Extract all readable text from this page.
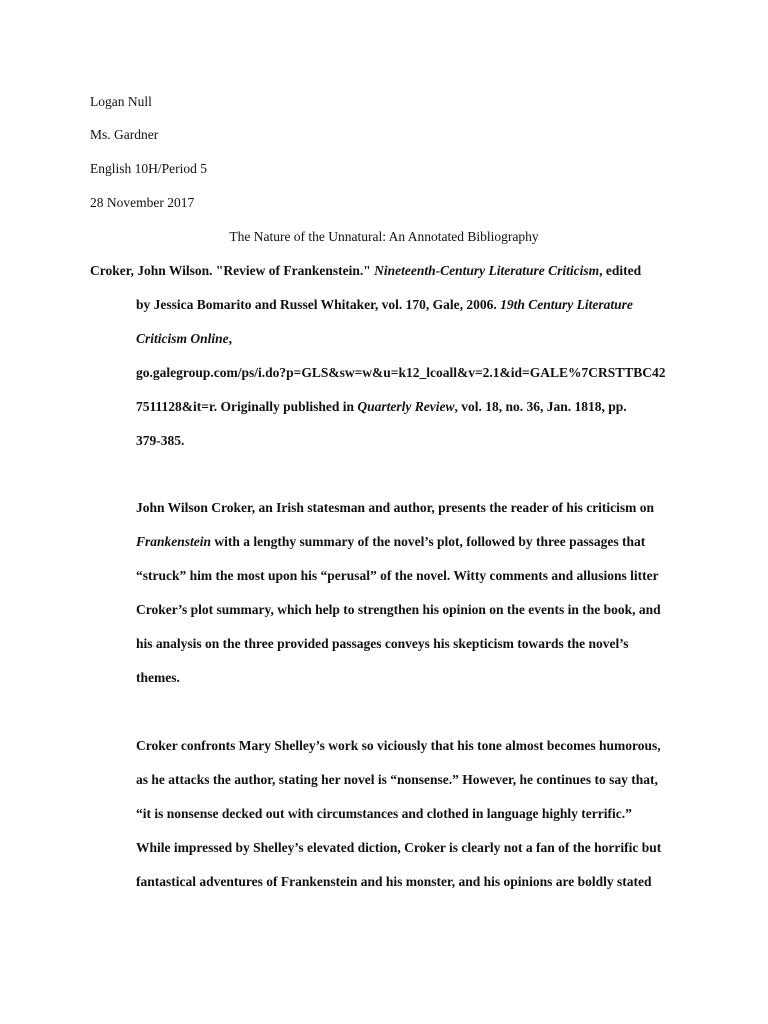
Logan Null
Ms. Gardner
English 10H/Period 5
28 November 2017
The Nature of the Unnatural: An Annotated Bibliography
Croker, John Wilson. "Review of Frankenstein." Nineteenth-Century Literature Criticism, edited
by Jessica Bomarito and Russel Whitaker, vol. 170, Gale, 2006. 19th Century Literature
Criticism Online,
go.galegroup.com/ps/i.do?p=GLS&sw=w&u=k12_lcoall&v=2.1&id=GALE%7CRSTTBC42
7511128&it=r. Originally published in Quarterly Review, vol. 18, no. 36, Jan. 1818, pp.
379-385.
John Wilson Croker, an Irish statesman and author, presents the reader of his criticism on
Frankenstein with a lengthy summary of the novel’s plot, followed by three passages that
“struck” him the most upon his “perusal” of the novel. Witty comments and allusions litter
Croker’s plot summary, which help to strengthen his opinion on the events in the book, and
his analysis on the three provided passages conveys his skepticism towards the novel’s
themes.
Croker confronts Mary Shelley’s work so viciously that his tone almost becomes humorous,
as he attacks the author, stating her novel is “nonsense.” However, he continues to say that,
“it is nonsense decked out with circumstances and clothed in language highly terrific.”
While impressed by Shelley’s elevated diction, Croker is clearly not a fan of the horrific but
fantastical adventures of Frankenstein and his monster, and his opinions are boldly stated
